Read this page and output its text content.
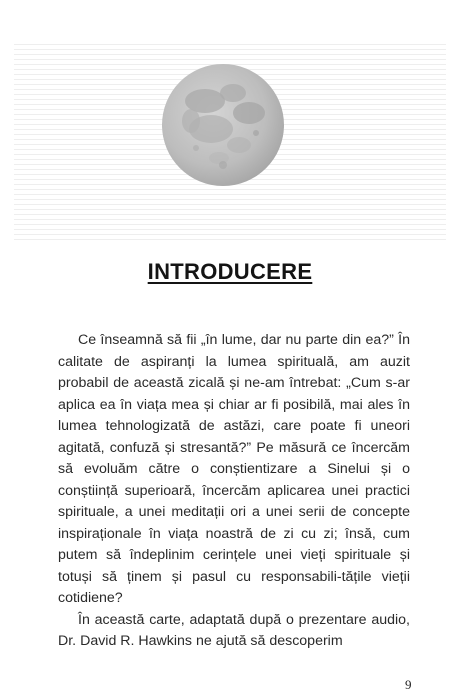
INTRODUCERE

Ce înseamnă să fii „în lume, dar nu parte din ea?” În calitate de aspiranți la lumea spirituală, am auzit probabil de această zicală și ne-am întrebat: „Cum s-ar aplica ea în viața mea și chiar ar fi posibilă, mai ales în lumea tehnologizată de astăzi, care poate fi uneori agitată, confuză și stresantă?” Pe măsură ce încercăm să evoluăm către o conștientizare a Sinelui și o conștiință superioară, încercăm aplicarea unei practici spirituale, a unei meditații ori a unei serii de concepte inspiraționale în viața noastră de zi cu zi; însă, cum putem să îndeplinim cerințele unei vieți spirituale și totuși să ținem și pasul cu responsabili-tățile vieții cotidiene?

În această carte, adaptată după o prezentare audio, Dr. David R. Hawkins ne ajută să descoperim

9
